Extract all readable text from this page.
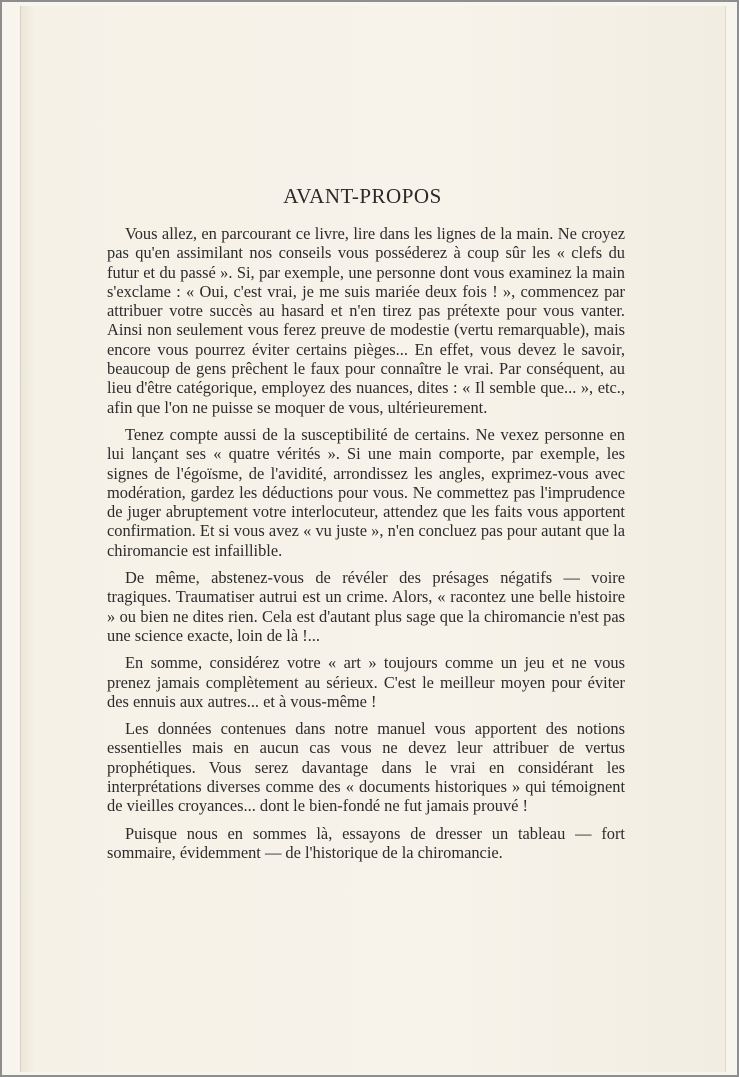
AVANT-PROPOS

Vous allez, en parcourant ce livre, lire dans les lignes de la main. Ne croyez pas qu'en assimilant nos conseils vous posséderez à coup sûr les « clefs du futur et du passé ». Si, par exemple, une personne dont vous examinez la main s'exclame : « Oui, c'est vrai, je me suis mariée deux fois ! », commencez par attribuer votre succès au hasard et n'en tirez pas prétexte pour vous vanter. Ainsi non seulement vous ferez preuve de modestie (vertu remarquable), mais encore vous pourrez éviter certains pièges... En effet, vous devez le savoir, beaucoup de gens prêchent le faux pour connaître le vrai. Par conséquent, au lieu d'être catégorique, employez des nuances, dites : « Il semble que... », etc., afin que l'on ne puisse se moquer de vous, ultérieurement.

Tenez compte aussi de la susceptibilité de certains. Ne vexez personne en lui lançant ses « quatre vérités ». Si une main comporte, par exemple, les signes de l'égoïsme, de l'avidité, arrondissez les angles, exprimez-vous avec modération, gardez les déductions pour vous. Ne commettez pas l'imprudence de juger abruptement votre interlocuteur, attendez que les faits vous apportent confirmation. Et si vous avez « vu juste », n'en concluez pas pour autant que la chiromancie est infaillible.

De même, abstenez-vous de révéler des présages négatifs — voire tragiques. Traumatiser autrui est un crime. Alors, « racontez une belle histoire » ou bien ne dites rien. Cela est d'autant plus sage que la chiromancie n'est pas une science exacte, loin de là !...

En somme, considérez votre « art » toujours comme un jeu et ne vous prenez jamais complètement au sérieux. C'est le meilleur moyen pour éviter des ennuis aux autres... et à vous-même !

Les données contenues dans notre manuel vous apportent des notions essentielles mais en aucun cas vous ne devez leur attribuer de vertus prophétiques. Vous serez davantage dans le vrai en considérant les interprétations diverses comme des « documents historiques » qui témoignent de vieilles croyances... dont le bien-fondé ne fut jamais prouvé !

Puisque nous en sommes là, essayons de dresser un tableau — fort sommaire, évidemment — de l'historique de la chiromancie.
